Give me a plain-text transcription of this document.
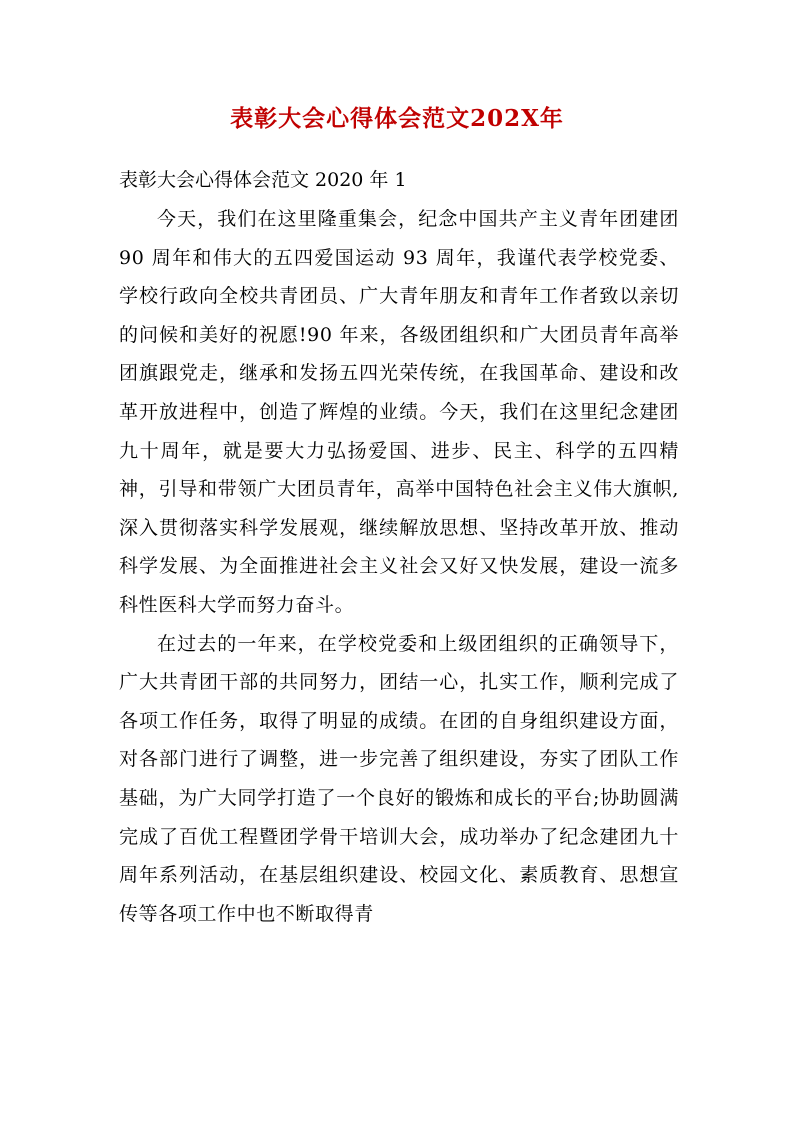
表彰大会心得体会范文202X年
表彰大会心得体会范文 2020 年 1

今天，我们在这里隆重集会，纪念中国共产主义青年团建团 90 周年和伟大的五四爱国运动 93 周年，我谨代表学校党委、学校行政向全校共青团员、广大青年朋友和青年工作者致以亲切的问候和美好的祝愿!90 年来，各级团组织和广大团员青年高举团旗跟党走，继承和发扬五四光荣传统，在我国革命、建设和改革开放进程中，创造了辉煌的业绩。今天，我们在这里纪念建团九十周年，就是要大力弘扬爱国、进步、民主、科学的五四精神，引导和带领广大团员青年，高举中国特色社会主义伟大旗帜,深入贯彻落实科学发展观，继续解放思想、坚持改革开放、推动科学发展、为全面推进社会主义社会又好又快发展，建设一流多科性医科大学而努力奋斗。

在过去的一年来，在学校党委和上级团组织的正确领导下，广大共青团干部的共同努力，团结一心，扎实工作，顺利完成了各项工作任务，取得了明显的成绩。在团的自身组织建设方面，对各部门进行了调整，进一步完善了组织建设，夯实了团队工作基础，为广大同学打造了一个良好的锻炼和成长的平台;协助圆满完成了百优工程暨团学骨干培训大会，成功举办了纪念建团九十周年系列活动，在基层组织建设、校园文化、素质教育、思想宣传等各项工作中也不断取得青
